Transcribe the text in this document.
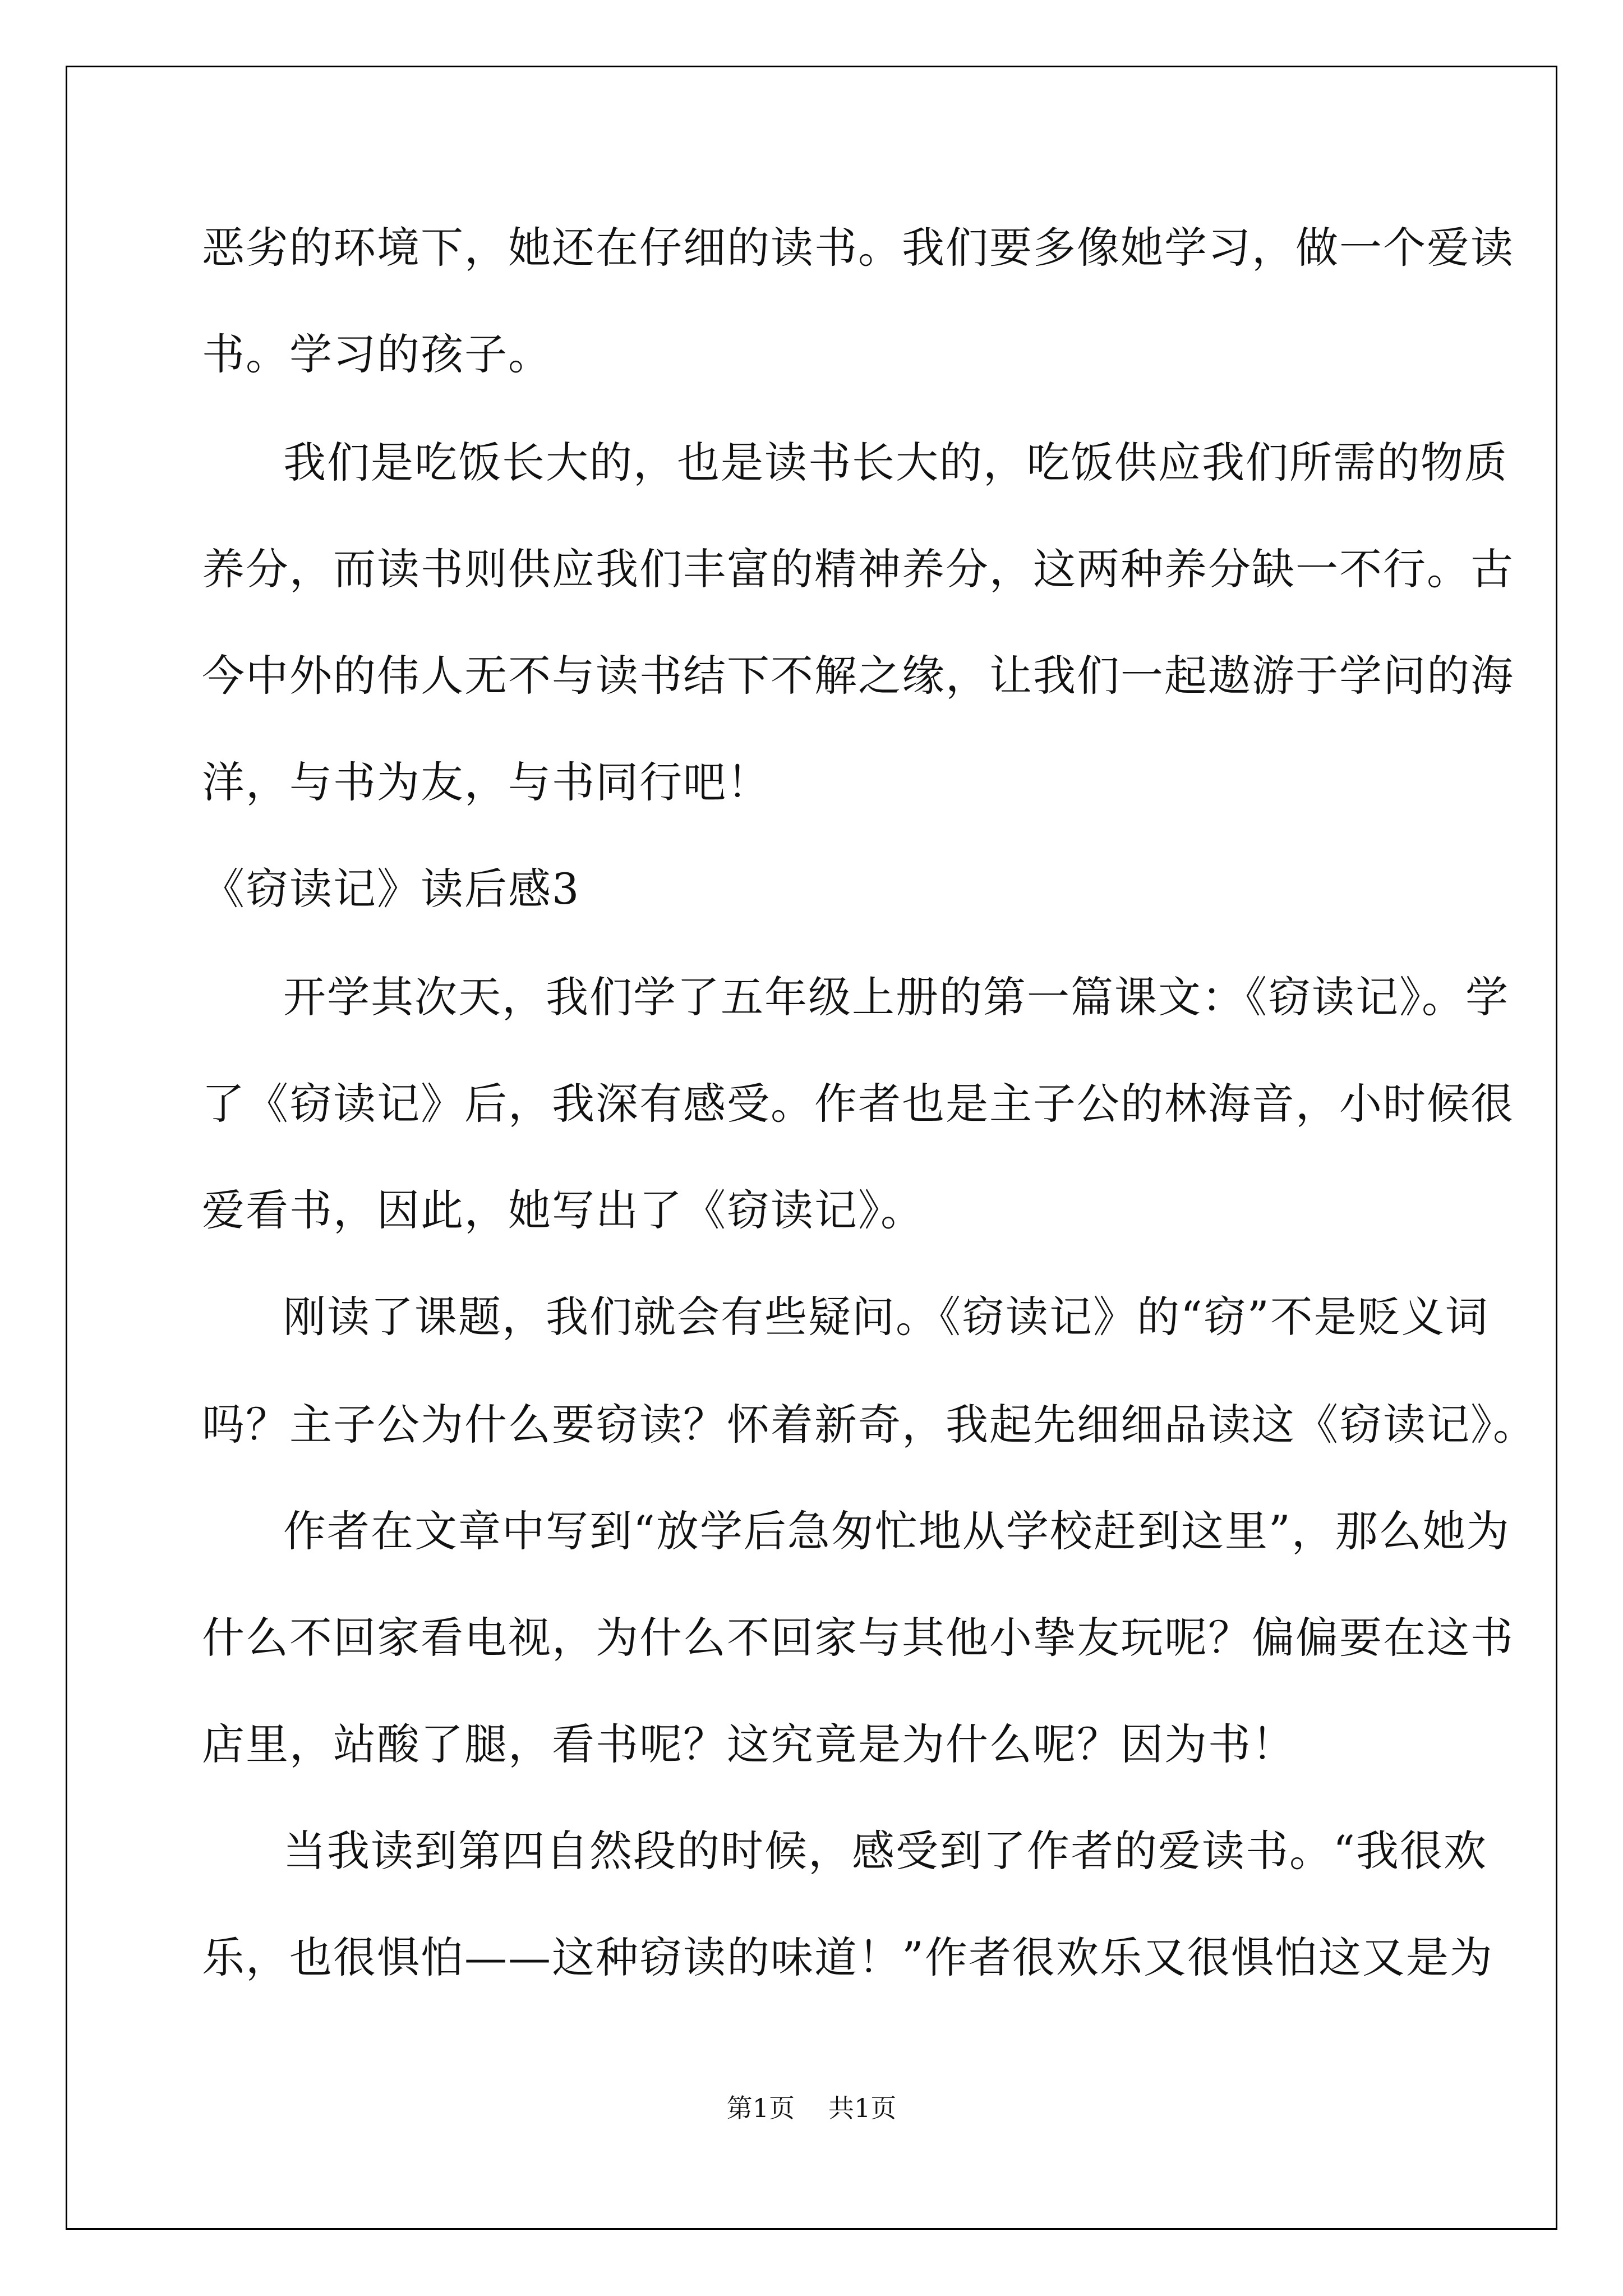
恶劣的环境下，她还在仔细的读书。我们要多像她学习，做一个爱读

书。学习的孩子。

我们是吃饭长大的，也是读书长大的，吃饭供应我们所需的物质

养分，而读书则供应我们丰富的精神养分，这两种养分缺一不行。古

今中外的伟人无不与读书结下不解之缘，让我们一起遨游于学问的海

洋，与书为友，与书同行吧！

《窃读记》读后感3

开学其次天，我们学了五年级上册的第一篇课文：《窃读记》。学

了《窃读记》后，我深有感受。作者也是主子公的林海音，小时候很

爱看书，因此，她写出了《窃读记》。

刚读了课题，我们就会有些疑问。《窃读记》的“窃”不是贬义词

吗？主子公为什么要窃读？怀着新奇，我起先细细品读这《窃读记》。

作者在文章中写到“放学后急匆忙地从学校赶到这里”，那么她为

什么不回家看电视，为什么不回家与其他小挚友玩呢？偏偏要在这书

店里，站酸了腿，看书呢？这究竟是为什么呢？因为书！

当我读到第四自然段的时候，感受到了作者的爱读书。“我很欢

乐，也很惧怕——这种窃读的味道！”作者很欢乐又很惧怕这又是为

第1页 共1页
